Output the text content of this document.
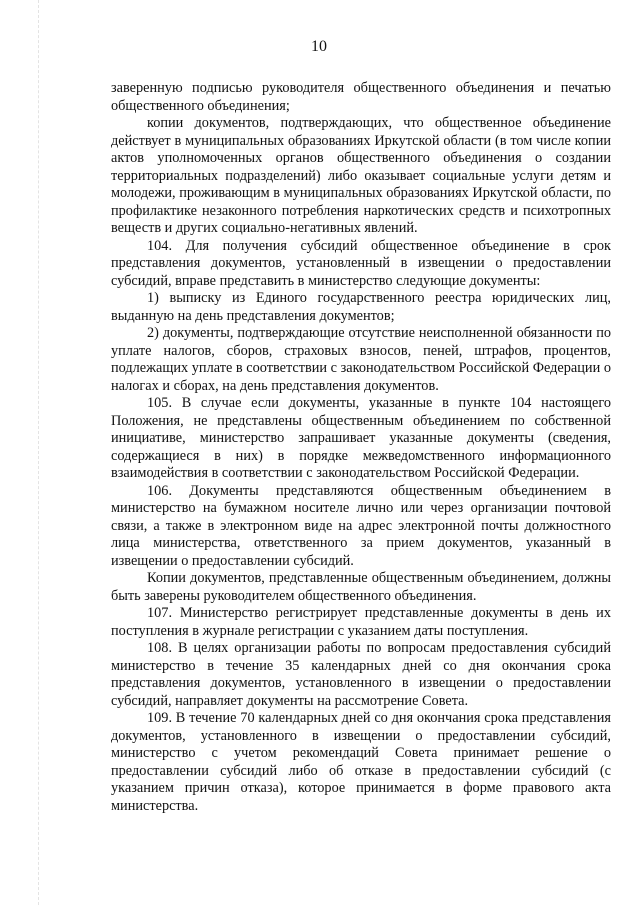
10

заверенную подписью руководителя общественного объединения и печатью общественного объединения;

копии документов, подтверждающих, что общественное объединение действует в муниципальных образованиях Иркутской области (в том числе копии актов уполномоченных органов общественного объединения о создании территориальных подразделений) либо оказывает социальные услуги детям и молодежи, проживающим в муниципальных образованиях Иркутской области, по профилактике незаконного потребления наркотических средств и психотропных веществ и других социально-негативных явлений.

104. Для получения субсидий общественное объединение в срок представления документов, установленный в извещении о предоставлении субсидий, вправе представить в министерство следующие документы:

1) выписку из Единого государственного реестра юридических лиц, выданную на день представления документов;

2) документы, подтверждающие отсутствие неисполненной обязанности по уплате налогов, сборов, страховых взносов, пеней, штрафов, процентов, подлежащих уплате в соответствии с законодательством Российской Федерации о налогах и сборах, на день представления документов.

105. В случае если документы, указанные в пункте 104 настоящего Положения, не представлены общественным объединением по собственной инициативе, министерство запрашивает указанные документы (сведения, содержащиеся в них) в порядке межведомственного информационного взаимодействия в соответствии с законодательством Российской Федерации.

106. Документы представляются общественным объединением в министерство на бумажном носителе лично или через организации почтовой связи, а также в электронном виде на адрес электронной почты должностного лица министерства, ответственного за прием документов, указанный в извещении о предоставлении субсидий.

Копии документов, представленные общественным объединением, должны быть заверены руководителем общественного объединения.

107. Министерство регистрирует представленные документы в день их поступления в журнале регистрации с указанием даты поступления.

108. В целях организации работы по вопросам предоставления субсидий министерство в течение 35 календарных дней со дня окончания срока представления документов, установленного в извещении о предоставлении субсидий, направляет документы на рассмотрение Совета.

109. В течение 70 календарных дней со дня окончания срока представления документов, установленного в извещении о предоставлении субсидий, министерство с учетом рекомендаций Совета принимает решение о предоставлении субсидий либо об отказе в предоставлении субсидий (с указанием причин отказа), которое принимается в форме правового акта министерства.
